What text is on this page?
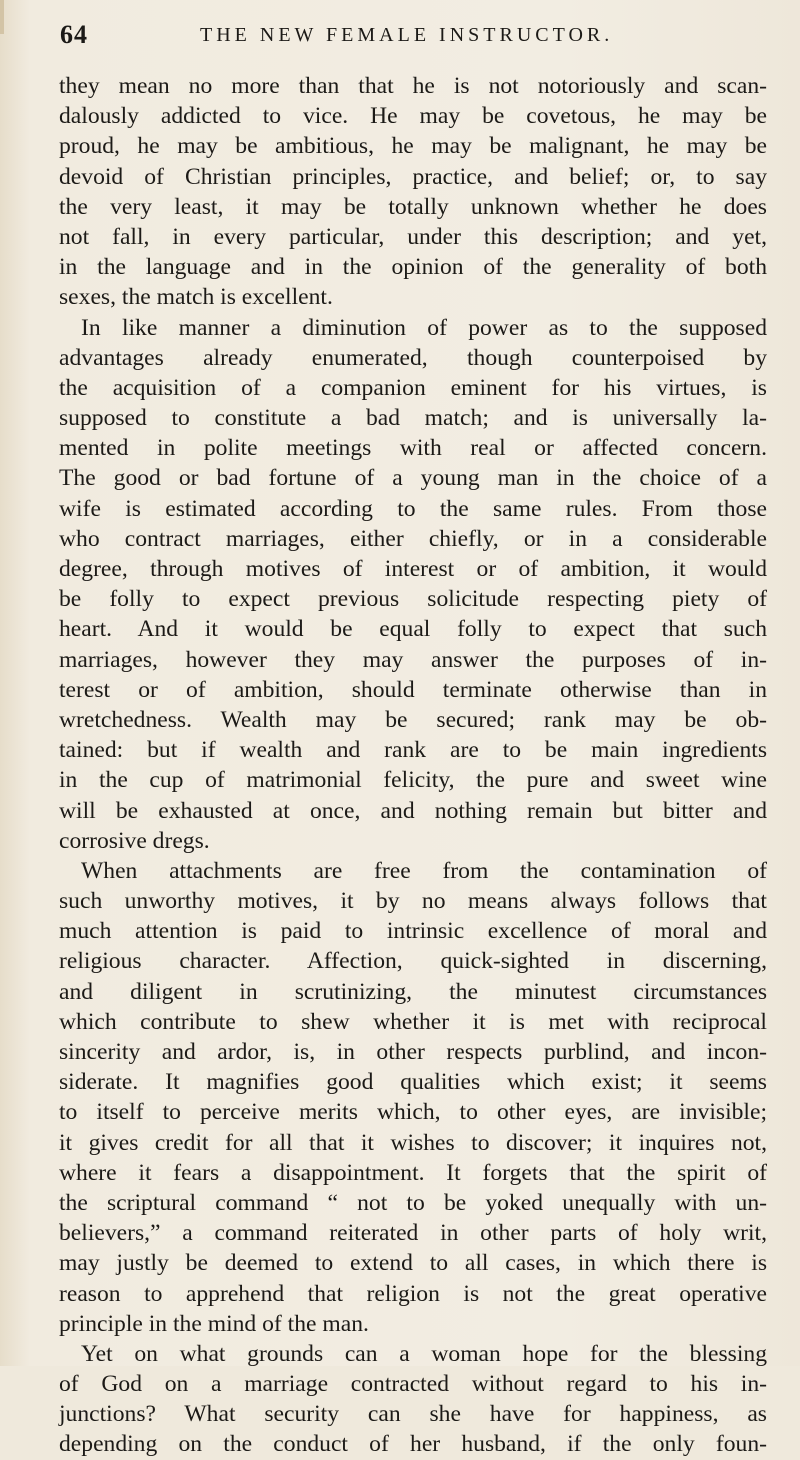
64	THE NEW FEMALE INSTRUCTOR.
they mean no more than that he is not notoriously and scan-
dalously addicted to vice. He may be covetous, he may be
proud, he may be ambitious, he may be malignant, he may be
devoid of Christian principles, practice, and belief; or, to say
the very least, it may be totally unknown whether he does
not fall, in every particular, under this description; and yet,
in the language and in the opinion of the generality of both
sexes, the match is excellent.
In like manner a diminution of power as to the supposed
advantages already enumerated, though counterpoised by
the acquisition of a companion eminent for his virtues, is
supposed to constitute a bad match; and is universally la-
mented in polite meetings with real or affected concern.
The good or bad fortune of a young man in the choice of a
wife is estimated according to the same rules. From those
who contract marriages, either chiefly, or in a considerable
degree, through motives of interest or of ambition, it would
be folly to expect previous solicitude respecting piety of
heart. And it would be equal folly to expect that such
marriages, however they may answer the purposes of in-
terest or of ambition, should terminate otherwise than in
wretchedness. Wealth may be secured; rank may be ob-
tained: but if wealth and rank are to be main ingredients
in the cup of matrimonial felicity, the pure and sweet wine
will be exhausted at once, and nothing remain but bitter and
corrosive dregs.
When attachments are free from the contamination of
such unworthy motives, it by no means always follows that
much attention is paid to intrinsic excellence of moral and
religious character. Affection, quick-sighted in discerning,
and diligent in scrutinizing, the minutest circumstances
which contribute to shew whether it is met with reciprocal
sincerity and ardor, is, in other respects purblind, and incon-
siderate. It magnifies good qualities which exist; it seems
to itself to perceive merits which, to other eyes, are invisible;
it gives credit for all that it wishes to discover; it inquires not,
where it fears a disappointment. It forgets that the spirit of
the scriptural command “ not to be yoked unequally with un-
believers,” a command reiterated in other parts of holy writ,
may justly be deemed to extend to all cases, in which there is
reason to apprehend that religion is not the great operative
principle in the mind of the man.
Yet on what grounds can a woman hope for the blessing
of God on a marriage contracted without regard to his in-
junctions? What security can she have for happiness, as
depending on the conduct of her husband, if the only foun-
